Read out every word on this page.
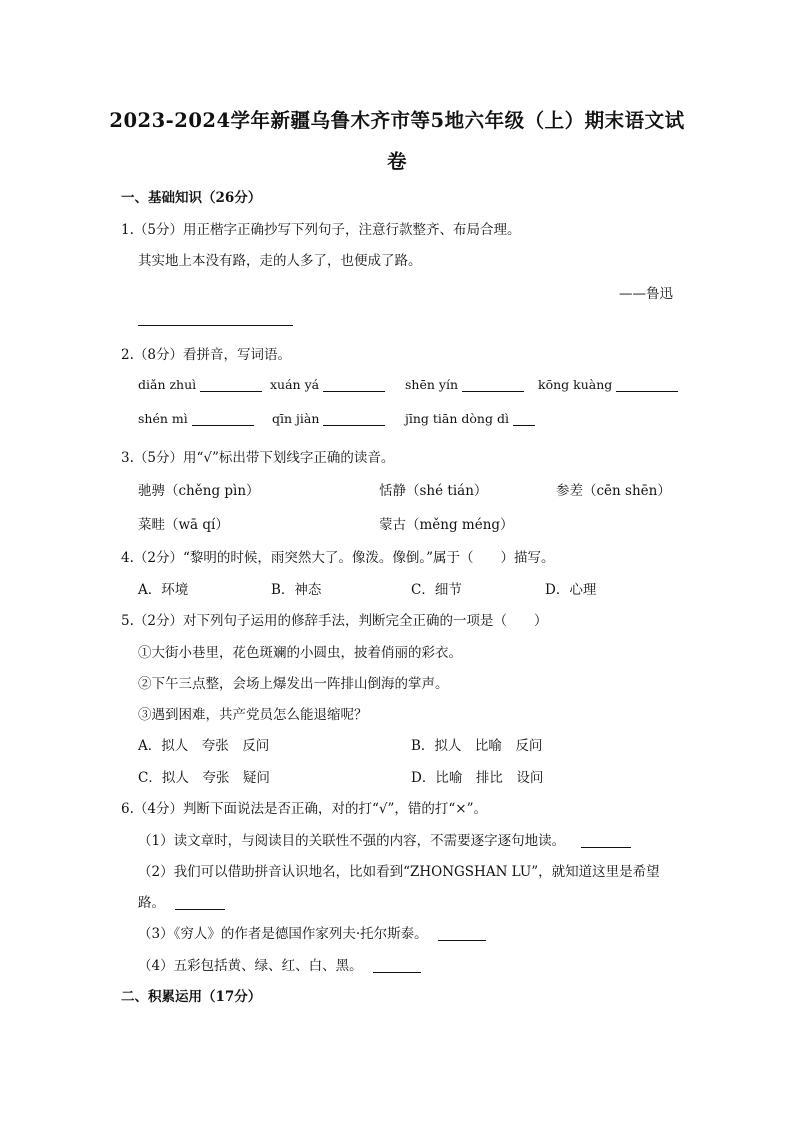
2023-2024学年新疆乌鲁木齐市等5地六年级（上）期末语文试
卷
一、基础知识（26分）
1.（5分）用正楷字正确抄写下列句子，注意行款整齐、布局合理。
其实地上本没有路，走的人多了，也便成了路。
——鲁迅
2.（8分）看拼音，写词语。
diǎn zhuì	xuán yá	shēn yín	kōng kuàng
shén mì	qīn jiàn	jīng tiān dòng dì
3.（5分）用“√”标出带下划线字正确的读音。
驰骋（chěng pìn）	恬静（shé tián）	参差（cēn shēn）
菜畦（wā qí）	蒙古（měng méng）
4.（2分）“黎明的时候，雨突然大了。像泼。像倒。”属于（　　）描写。
A．环境	B．神态	C．细节	D．心理
5.（2分）对下列句子运用的修辞手法，判断完全正确的一项是（　　）
①大街小巷里，花色斑斓的小圆虫，披着俏丽的彩衣。
②下午三点整，会场上爆发出一阵排山倒海的掌声。
③遇到困难，共产党员怎么能退缩呢？
A．拟人　夸张　反问	B．拟人　比喻　反问
C．拟人　夸张　疑问	D．比喻　排比　设问
6.（4分）判断下面说法是否正确，对的打“√”，错的打“×”。
（1）读文章时，与阅读目的关联性不强的内容，不需要逐字逐句地读。
（2）我们可以借助拼音认识地名，比如看到“ZHONGSHAN LU”，就知道这里是希望
路。
（3）《穷人》的作者是德国作家列夫·托尔斯泰。
（4）五彩包括黄、绿、红、白、黑。
二、积累运用（17分）
